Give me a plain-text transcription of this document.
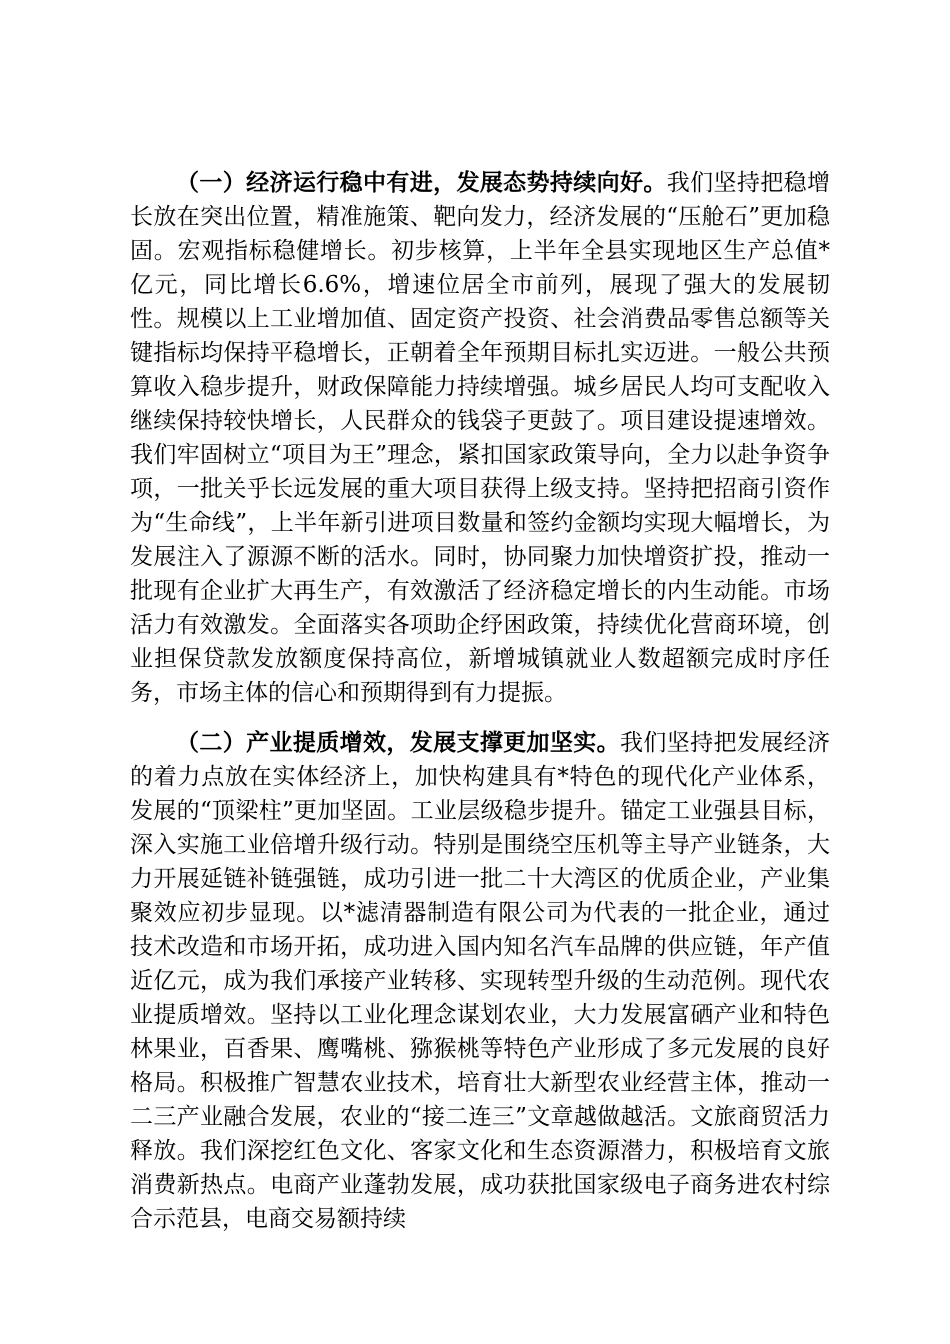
（一）经济运行稳中有进，发展态势持续向好。我们坚持把稳增长放在突出位置，精准施策、靶向发力，经济发展的“压舱石”更加稳固。宏观指标稳健增长。初步核算，上半年全县实现地区生产总值*亿元，同比增长6.6%，增速位居全市前列，展现了强大的发展韧性。规模以上工业增加值、固定资产投资、社会消费品零售总额等关键指标均保持平稳增长，正朝着全年预期目标扎实迈进。一般公共预算收入稳步提升，财政保障能力持续增强。城乡居民人均可支配收入继续保持较快增长，人民群众的钱袋子更鼓了。项目建设提速增效。我们牢固树立“项目为王”理念，紧扣国家政策导向，全力以赴争资争项，一批关乎长远发展的重大项目获得上级支持。坚持把招商引资作为“生命线”，上半年新引进项目数量和签约金额均实现大幅增长，为发展注入了源源不断的活水。同时，协同聚力加快增资扩投，推动一批现有企业扩大再生产，有效激活了经济稳定增长的内生动能。市场活力有效激发。全面落实各项助企纾困政策，持续优化营商环境，创业担保贷款发放额度保持高位，新增城镇就业人数超额完成时序任务，市场主体的信心和预期得到有力提振。

（二）产业提质增效，发展支撑更加坚实。我们坚持把发展经济的着力点放在实体经济上，加快构建具有*特色的现代化产业体系，发展的“顶梁柱”更加坚固。工业层级稳步提升。锚定工业强县目标，深入实施工业倍增升级行动。特别是围绕空压机等主导产业链条，大力开展延链补链强链，成功引进一批二十大湾区的优质企业，产业集聚效应初步显现。以*滤清器制造有限公司为代表的一批企业，通过技术改造和市场开拓，成功进入国内知名汽车品牌的供应链，年产值近亿元，成为我们承接产业转移、实现转型升级的生动范例。现代农业提质增效。坚持以工业化理念谋划农业，大力发展富硒产业和特色林果业，百香果、鹰嘴桃、猕猴桃等特色产业形成了多元发展的良好格局。积极推广智慧农业技术，培育壮大新型农业经营主体，推动一二三产业融合发展，农业的“接二连三”文章越做越活。文旅商贸活力释放。我们深挖红色文化、客家文化和生态资源潜力，积极培育文旅消费新热点。电商产业蓬勃发展，成功获批国家级电子商务进农村综合示范县，电商交易额持续
